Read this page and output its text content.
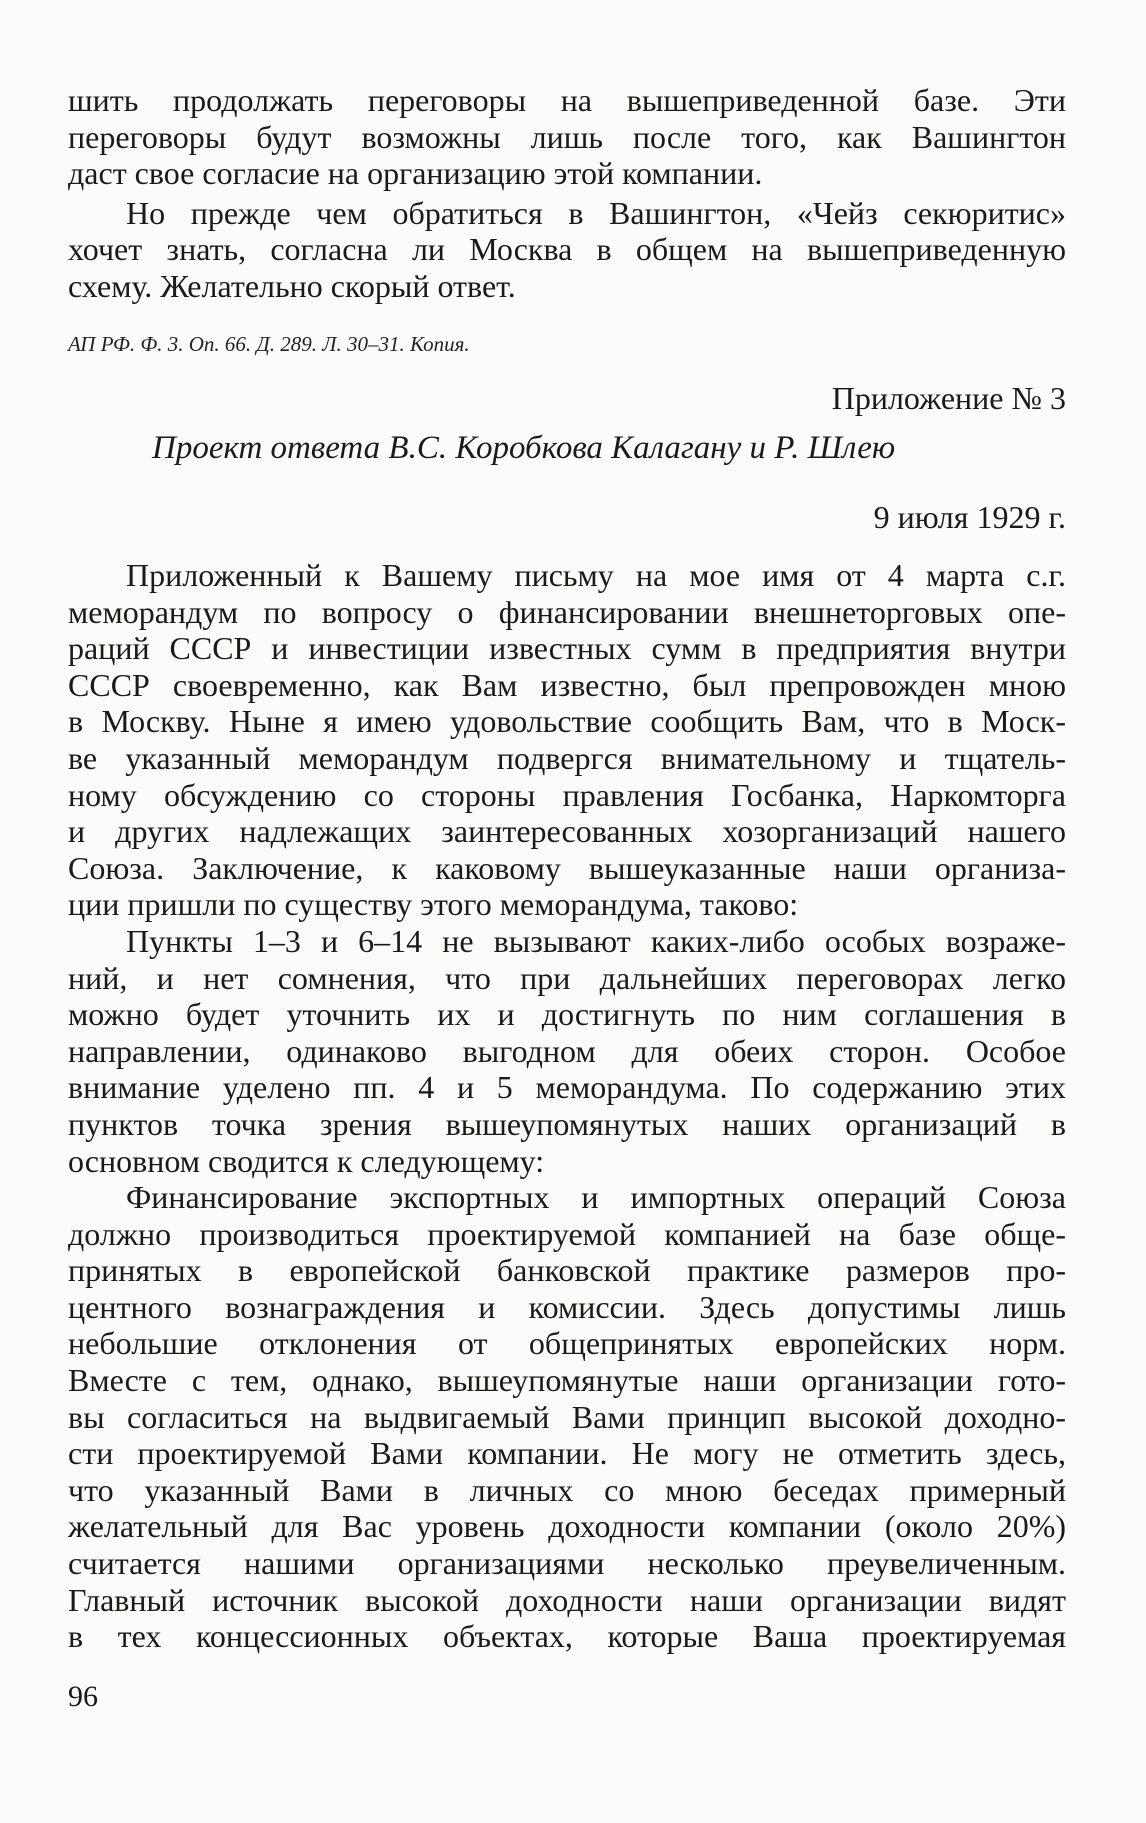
шить продолжать переговоры на вышеприведенной базе. Эти
переговоры будут возможны лишь после того, как Вашингтон
даст свое согласие на организацию этой компании.

Но прежде чем обратиться в Вашингтон, «Чейз секюритис»
хочет знать, согласна ли Москва в общем на вышеприведенную
схему. Желательно скорый ответ.

АП РФ. Ф. 3. Оп. 66. Д. 289. Л. 30–31. Копия.
Приложение № 3
Проект ответа В.С. Коробкова Калагану и Р. Шлею
9 июля 1929 г.

Приложенный к Вашему письму на мое имя от 4 марта с.г.
меморандум по вопросу о финансировании внешнеторговых опе-
раций СССР и инвестиции известных сумм в предприятия внутри
СССР своевременно, как Вам известно, был препровожден мною
в Москву. Ныне я имею удовольствие сообщить Вам, что в Моск-
ве указанный меморандум подвергся внимательному и тщатель-
ному обсуждению со стороны правления Госбанка, Наркомторга
и других надлежащих заинтересованных хозорганизаций нашего
Союза. Заключение, к каковому вышеуказанные наши организа-
ции пришли по существу этого меморандума, таково:

Пункты 1–3 и 6–14 не вызывают каких-либо особых возраже-
ний, и нет сомнения, что при дальнейших переговорах легко
можно будет уточнить их и достигнуть по ним соглашения в
направлении, одинаково выгодном для обеих сторон. Особое
внимание уделено пп. 4 и 5 меморандума. По содержанию этих
пунктов точка зрения вышеупомянутых наших организаций в
основном сводится к следующему:

Финансирование экспортных и импортных операций Союза
должно производиться проектируемой компанией на базе обще-
принятых в европейской банковской практике размеров про-
центного вознаграждения и комиссии. Здесь допустимы лишь
небольшие отклонения от общепринятых европейских норм.
Вместе с тем, однако, вышеупомянутые наши организации гото-
вы согласиться на выдвигаемый Вами принцип высокой доходно-
сти проектируемой Вами компании. Не могу не отметить здесь,
что указанный Вами в личных со мною беседах примерный
желательный для Вас уровень доходности компании (около 20%)
считается нашими организациями несколько преувеличенным.
Главный источник высокой доходности наши организации видят
в тех концессионных объектах, которые Ваша проектируемая

96
